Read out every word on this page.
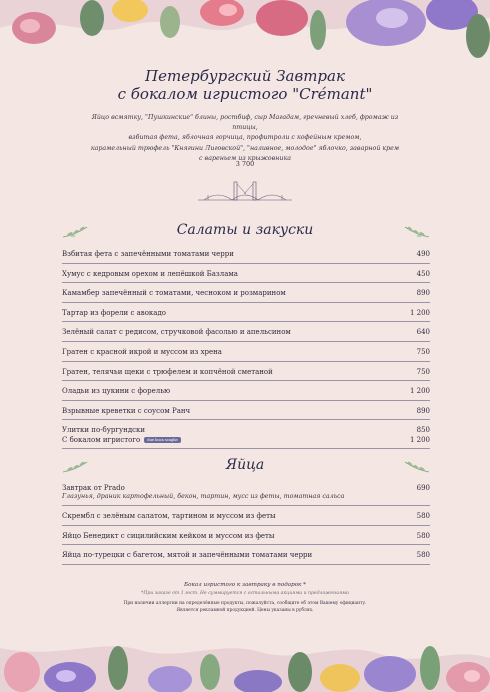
Петербургский Завтрак
с бокалом игристого "Crémant"
Яйцо всмятку, "Пушкинские" блины, ростбиф, сыр Магадам, гречневый хлеб, фромаж из птицы,
взбитая фета, яблочная горчица, профитроли с кофейным кремом,
карамельный трюфель "Княгини Лиговской", "наливное, молодое" яблочко, заварной крем
с вареньем из крыжовника
3 700
Салаты и закуски
Взбитая фета с запечёнными томатами черри	490
Хумус с кедровым орехом и лепёшкой Базлама	450
Камамбер запечённый с томатами, чесноком и розмарином	890
Тартар из форели с авокадо	1 200
Зелёный салат с редисом, стручковой фасолью и апельсином	640
Гратен с красной икрой и муссом из хрена	750
Гратен, телячьи щеки с трюфелем и копчёной сметаной	750
Оладьи из цукини с форелью	1 200
Взрывные креветки с соусом Ранч	890
Улитки по-бургундски	850
С бокалом игристого due boca scaglie	1 200
Яйца
Завтрак от Prado	690
Глазунья, драник картофельный, бекон, тартин, мусс из феты, томатная сальса
Скрембл с зелёным салатом, тартином и муссом из феты	580
Яйцо Бенедикт с сицилийским кейком и муссом из феты	580
Яйца по-турецки с багетом, мятой и запечёнными томатами черри	580
Бокал игристого к завтраку в подарок *
*При заказе от 1 гост. Не суммируется с остальными акциями и предложениями
При наличии аллергии на определённые продукты, пожалуйста, сообщите об этом Вашему официанту.
Является рекламной продукцией. Цены указаны в рублях.
